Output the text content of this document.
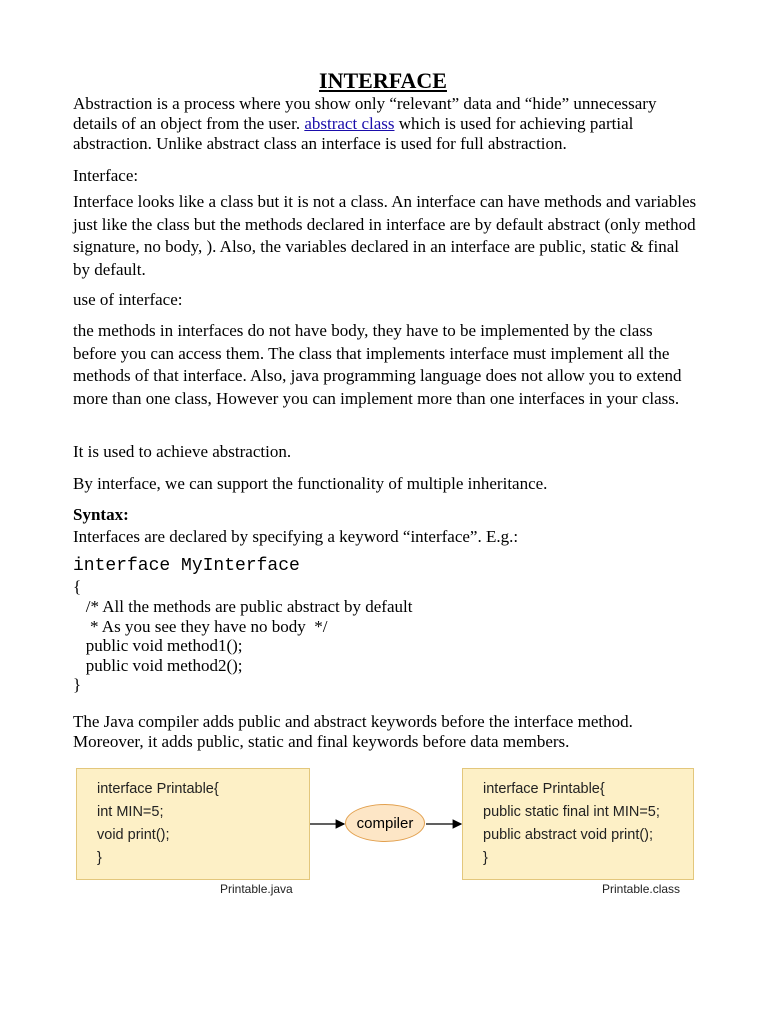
INTERFACE

Abstraction is a process where you show only “relevant” data and “hide” unnecessary details of an object from the user. abstract class which is used for achieving partial abstraction. Unlike abstract class an interface is used for full abstraction.

Interface:

Interface looks like a class but it is not a class. An interface can have methods and variables just like the class but the methods declared in interface are by default abstract (only method signature, no body, ). Also, the variables declared in an interface are public, static & final by default.

use of interface:

the methods in interfaces do not have body, they have to be implemented by the class before you can access them. The class that implements interface must implement all the methods of that interface. Also, java programming language does not allow you to extend more than one class, However you can implement more than one interfaces in your class.

It is used to achieve abstraction.

By interface, we can support the functionality of multiple inheritance.

Syntax:

Interfaces are declared by specifying a keyword “interface”. E.g.:

interface MyInterface

{

/* All the methods are public abstract by default

* As you see they have no body  */

public void method1();

public void method2();

}

The Java compiler adds public and abstract keywords before the interface method. Moreover, it adds public, static and final keywords before data members.

interface Printable{
int MIN=5;
void print();
}
Printable.java
compiler
interface Printable{
public static final int MIN=5;
public abstract void print();
}
Printable.class
